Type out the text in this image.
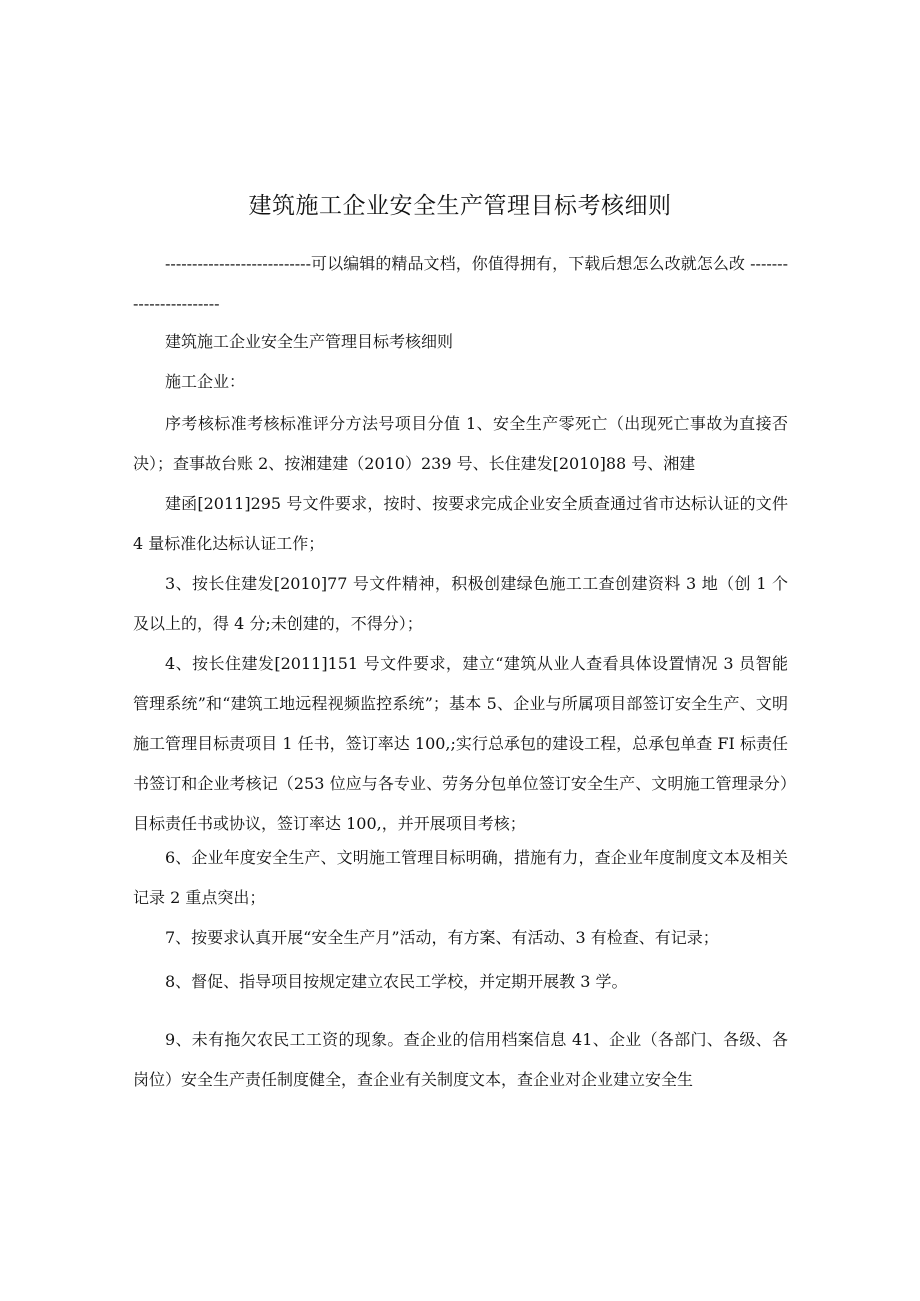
建筑施工企业安全生产管理目标考核细则

---------------------------可以编辑的精品文档，你值得拥有，下载后想怎么改就怎么改 -----------------------

建筑施工企业安全生产管理目标考核细则

施工企业：

序考核标准考核标准评分方法号项目分值 1、安全生产零死亡（出现死亡事故为直接否决）；查事故台账 2、按湘建建（2010）239 号、长住建发[2010]88 号、湘建

建函[2011]295 号文件要求，按时、按要求完成企业安全质查通过省市达标认证的文件 4 量标准化达标认证工作；

3、按长住建发[2010]77 号文件精神，积极创建绿色施工工查创建资料 3 地（创 1 个及以上的，得 4 分;未创建的，不得分）；

4、按长住建发[2011]151 号文件要求，建立“建筑从业人查看具体设置情况 3 员智能管理系统”和“建筑工地远程视频监控系统”；基本 5、企业与所属项目部签订安全生产、文明施工管理目标责项目 1 任书，签订率达 100,;实行总承包的建设工程，总承包单查 FI 标责任书签订和企业考核记（253 位应与各专业、劳务分包单位签订安全生产、文明施工管理录分）目标责任书或协议，签订率达 100,，并开展项目考核；

6、企业年度安全生产、文明施工管理目标明确，措施有力，查企业年度制度文本及相关记录 2 重点突出；

7、按要求认真开展“安全生产月”活动，有方案、有活动、3 有检查、有记录；

8、督促、指导项目按规定建立农民工学校，并定期开展教 3 学。

9、未有拖欠农民工工资的现象。查企业的信用档案信息 41、企业（各部门、各级、各岗位）安全生产责任制度健全，查企业有关制度文本，查企业对企业建立安全生
